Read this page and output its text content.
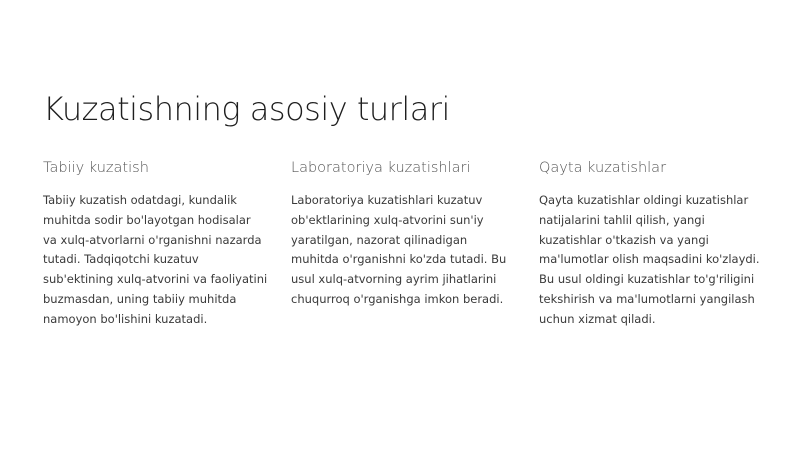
Kuzatishning asosiy turlari
Tabiiy kuzatish

Tabiiy kuzatish odatdagi, kundalik muhitda sodir bo'layotgan hodisalar va xulq-atvorlarni o'rganishni nazarda tutadi. Tadqiqotchi kuzatuv sub'ektining xulq-atvorini va faoliyatini buzmasdan, uning tabiiy muhitda namoyon bo'lishini kuzatadi.

Laboratoriya kuzatishlari

Laboratoriya kuzatishlari kuzatuv ob'ektlarining xulq-atvorini sun'iy yaratilgan, nazorat qilinadigan muhitda o'rganishni ko'zda tutadi. Bu usul xulq-atvorning ayrim jihatlarini chuqurroq o'rganishga imkon beradi.

Qayta kuzatishlar

Qayta kuzatishlar oldingi kuzatishlar natijalarini tahlil qilish, yangi kuzatishlar o'tkazish va yangi ma'lumotlar olish maqsadini ko'zlaydi. Bu usul oldingi kuzatishlar to'g'riligini tekshirish va ma'lumotlarni yangilash uchun xizmat qiladi.
